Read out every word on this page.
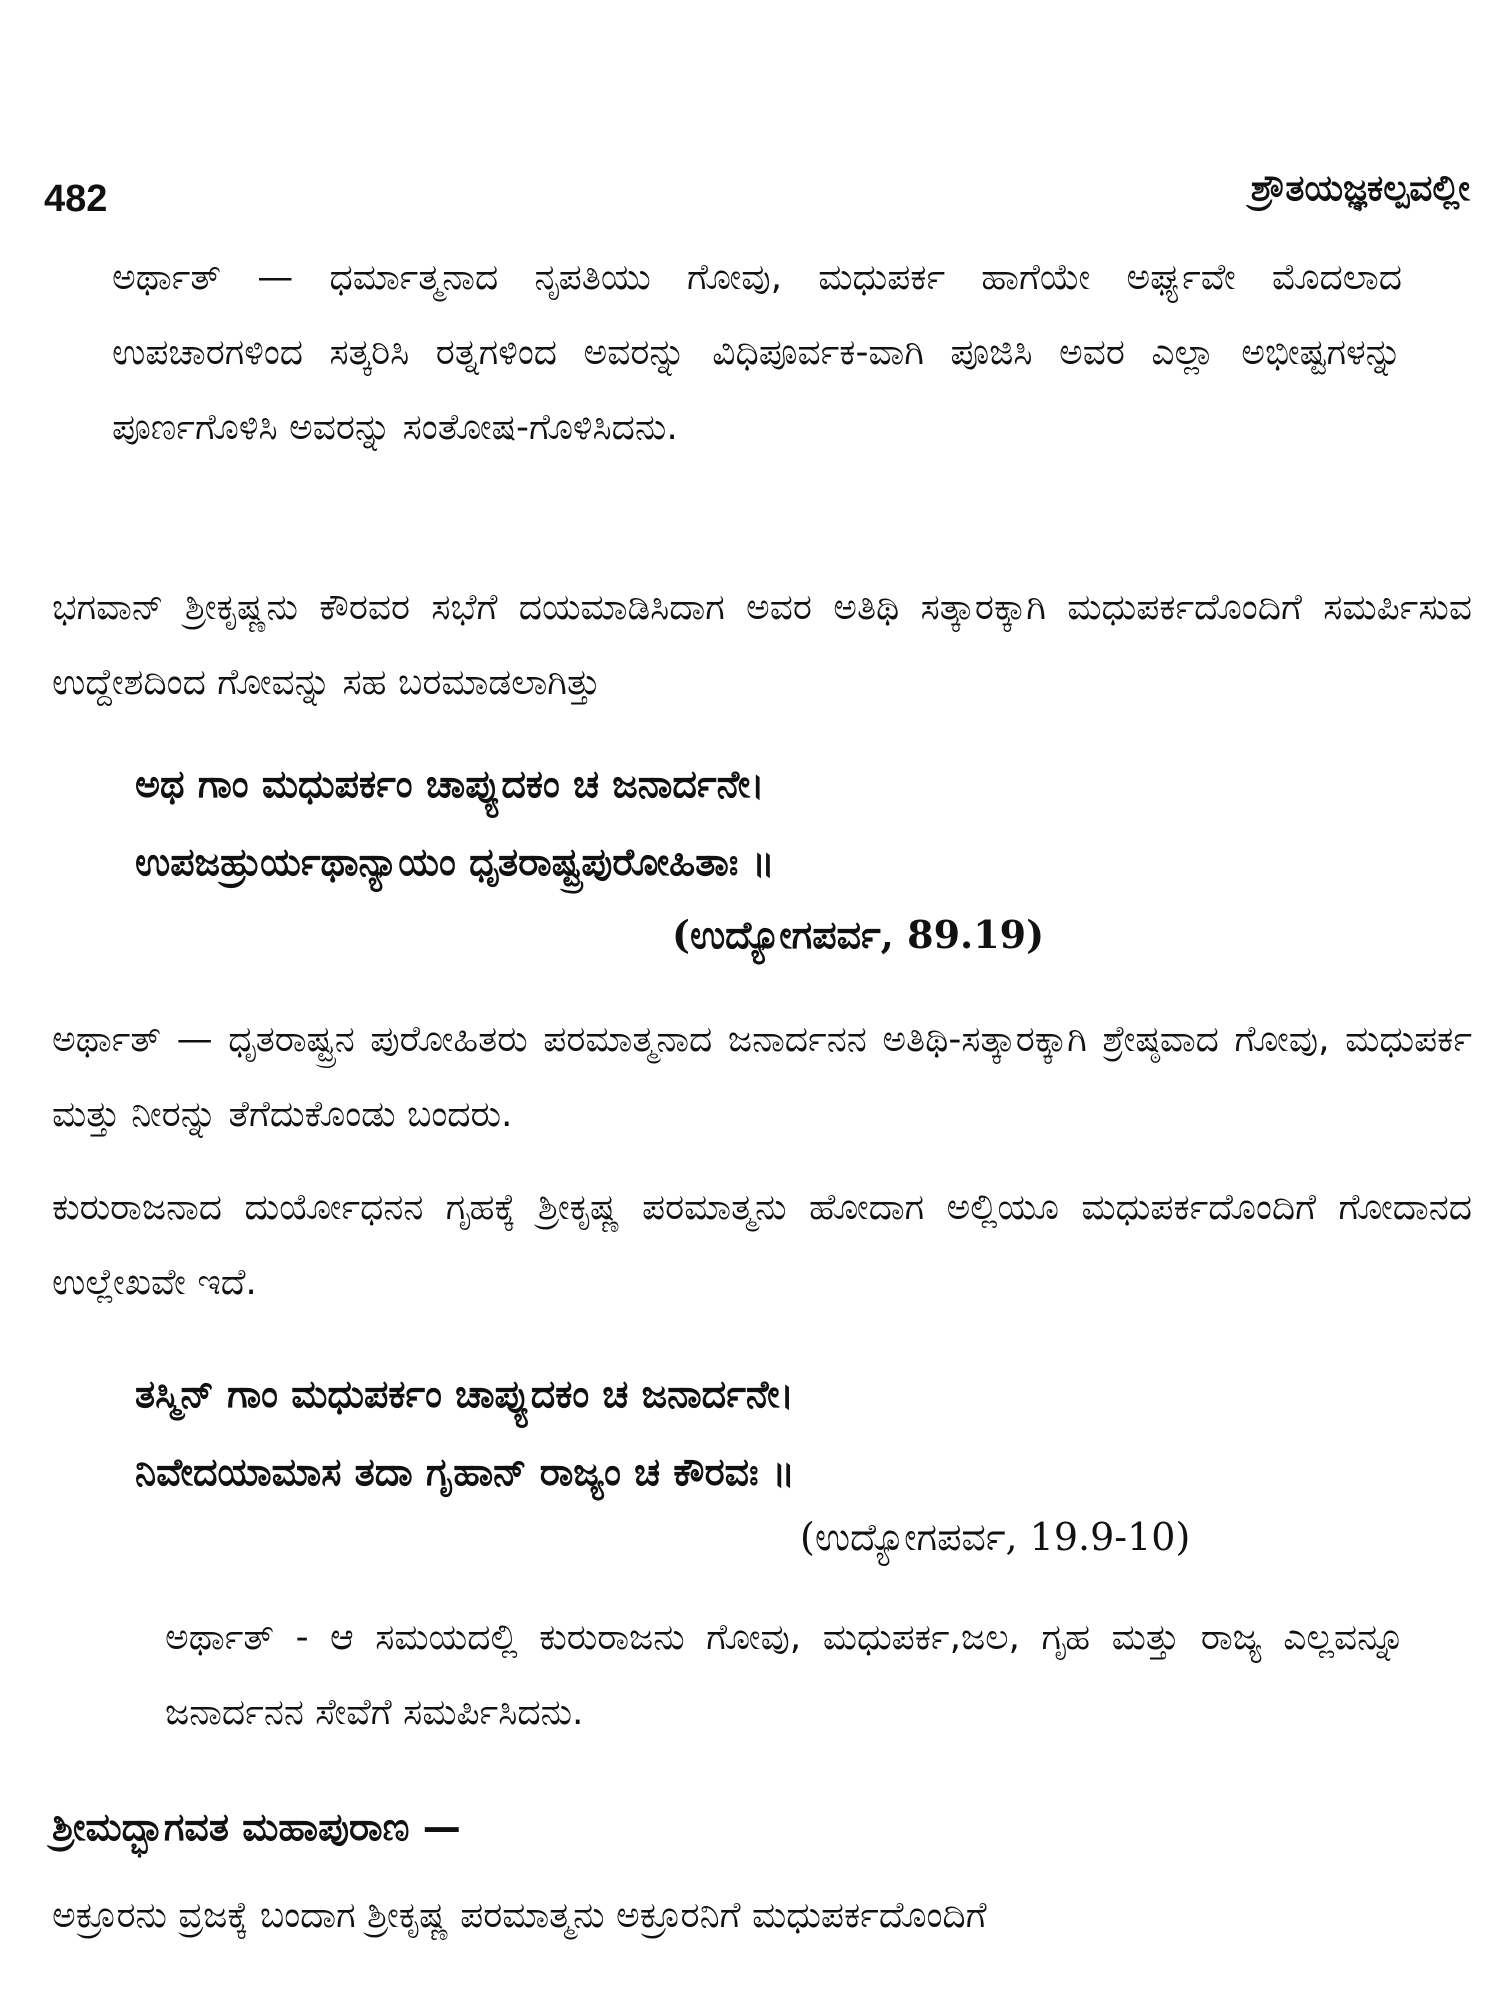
482	ಶ್ರೌತಯಜ್ಞಕಲ್ಪವಲ್ಲೀ

ಅರ್ಥಾತ್ — ಧರ್ಮಾತ್ಮನಾದ ನೃಪತಿಯು ಗೋವು, ಮಧುಪರ್ಕ ಹಾಗೆಯೇ ಅರ್ಘ್ಯವೇ ಮೊದಲಾದ ಉಪಚಾರಗಳಿಂದ ಸತ್ಕರಿಸಿ ರತ್ನಗಳಿಂದ ಅವರನ್ನು ವಿಧಿಪೂರ್ವಕ-ವಾಗಿ ಪೂಜಿಸಿ ಅವರ ಎಲ್ಲಾ ಅಭೀಷ್ಟಗಳನ್ನು ಪೂರ್ಣಗೊಳಿಸಿ ಅವರನ್ನು ಸಂತೋಷ-ಗೊಳಿಸಿದನು.

ಭಗವಾನ್ ಶ್ರೀಕೃಷ್ಣನು ಕೌರವರ ಸಭೆಗೆ ದಯಮಾಡಿಸಿದಾಗ ಅವರ ಅತಿಥಿ ಸತ್ಕಾರಕ್ಕಾಗಿ ಮಧುಪರ್ಕದೊಂದಿಗೆ ಸಮರ್ಪಿಸುವ ಉದ್ದೇಶದಿಂದ ಗೋವನ್ನು ಸಹ ಬರಮಾಡಲಾಗಿತ್ತು

ಅಥ ಗಾಂ ಮಧುಪರ್ಕಂ ಚಾಪ್ಯುದಕಂ ಚ ಜನಾರ್ದನೇ।
ಉಪಜಹ್ರುರ್ಯಥಾನ್ಯಾಯಂ ಧೃತರಾಷ್ಟ್ರಪುರೋಹಿತಾಃ ॥
(ಉದ್ಯೋಗಪರ್ವ, 89.19)

ಅರ್ಥಾತ್ — ಧೃತರಾಷ್ಟ್ರನ ಪುರೋಹಿತರು ಪರಮಾತ್ಮನಾದ ಜನಾರ್ದನನ ಅತಿಥಿ-ಸತ್ಕಾರಕ್ಕಾಗಿ ಶ್ರೇಷ್ಠವಾದ ಗೋವು, ಮಧುಪರ್ಕ ಮತ್ತು ನೀರನ್ನು ತೆಗೆದುಕೊಂಡು ಬಂದರು.

ಕುರುರಾಜನಾದ ದುರ್ಯೋಧನನ ಗೃಹಕ್ಕೆ ಶ್ರೀಕೃಷ್ಣ ಪರಮಾತ್ಮನು ಹೋದಾಗ ಅಲ್ಲಿಯೂ ಮಧುಪರ್ಕದೊಂದಿಗೆ ಗೋದಾನದ ಉಲ್ಲೇಖವೇ ಇದೆ.

ತಸ್ಮಿನ್ ಗಾಂ ಮಧುಪರ್ಕಂ ಚಾಪ್ಯುದಕಂ ಚ ಜನಾರ್ದನೇ।
ನಿವೇದಯಾಮಾಸ ತದಾ ಗೃಹಾನ್ ರಾಜ್ಯಂ ಚ ಕೌರವಃ ॥
(ಉದ್ಯೋಗಪರ್ವ, 19.9-10)

ಅರ್ಥಾತ್ - ಆ ಸಮಯದಲ್ಲಿ ಕುರುರಾಜನು ಗೋವು, ಮಧುಪರ್ಕ,ಜಲ, ಗೃಹ ಮತ್ತು ರಾಜ್ಯ ಎಲ್ಲವನ್ನೂ ಜನಾರ್ದನನ ಸೇವೆಗೆ ಸಮರ್ಪಿಸಿದನು.

ಶ್ರೀಮದ್ಭಾಗವತ ಮಹಾಪುರಾಣ —

ಅಕ್ರೂರನು ವ್ರಜಕ್ಕೆ ಬಂದಾಗ ಶ್ರೀಕೃಷ್ಣ ಪರಮಾತ್ಮನು ಅಕ್ರೂರನಿಗೆ ಮಧುಪರ್ಕದೊಂದಿಗೆ
